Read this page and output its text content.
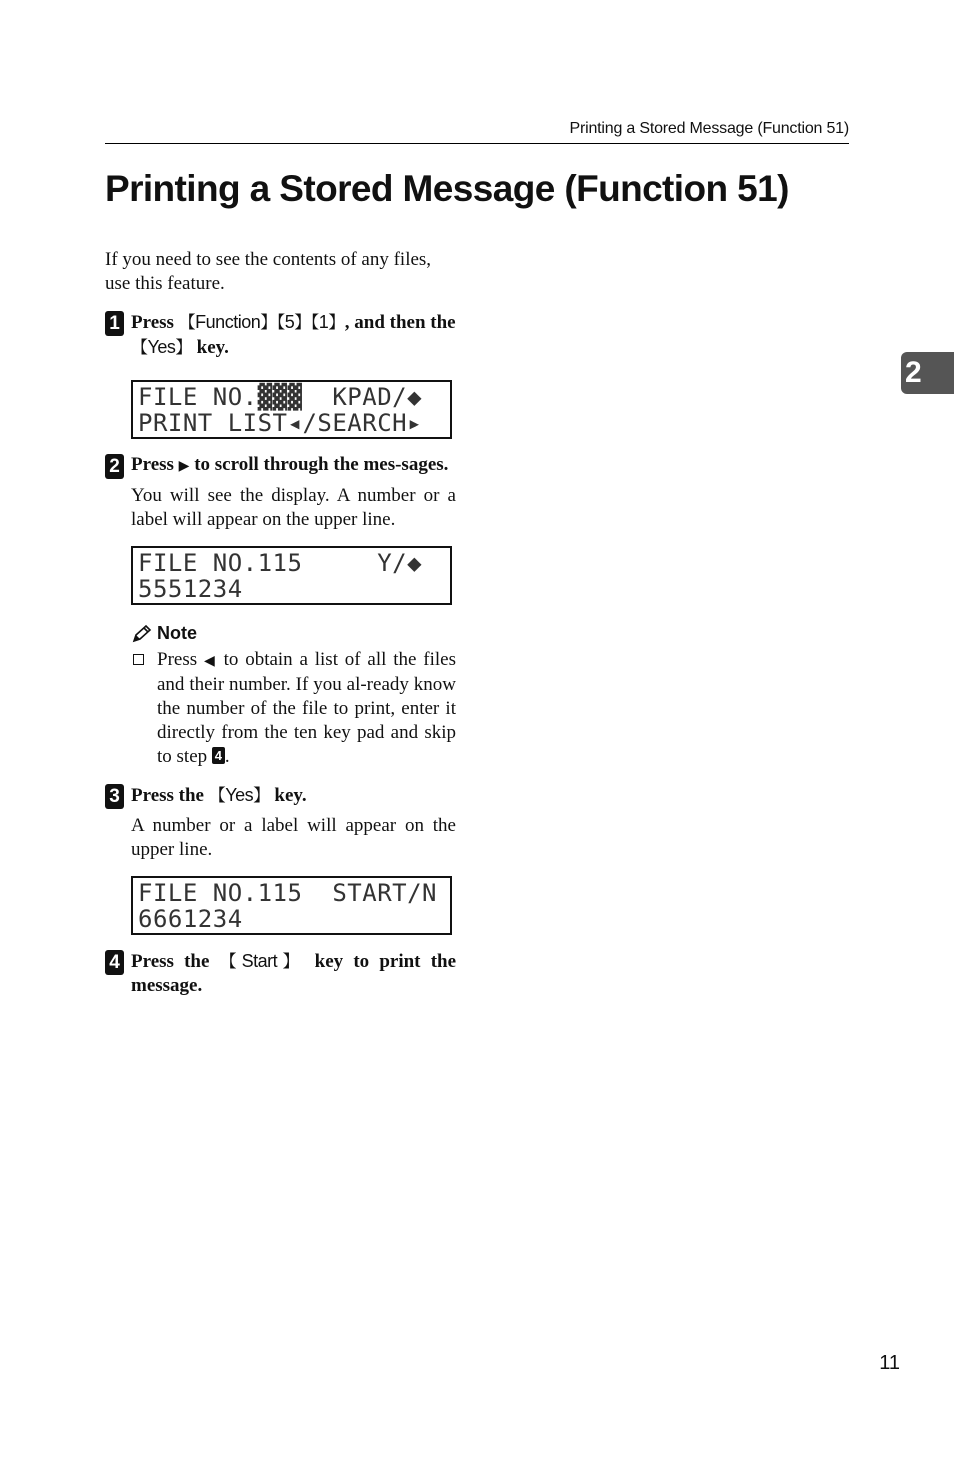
Printing a Stored Message (Function 51)
Printing a Stored Message (Function 51)
2

If you need to see the contents of any files, use this feature.

1 Press 【Function】【5】【1】, and then the 【Yes】 key.
FILE NO.▓▓▓  KPAD/◆
PRINT LIST◂/SEARCH▸
2 Press ▶ to scroll through the mes-sages.
You will see the display. A number or a label will appear on the upper line.
FILE NO.115     Y/◆
5551234
Note
Press ◀ to obtain a list of all the files and their number. If you al-ready know the number of the file to print, enter it directly from the ten key pad and skip to step 4 .
3 Press the 【Yes】 key.
A number or a label will appear on the upper line.
FILE NO.115  START/N
6661234
4 Press the 【Start】 key to print the message.
11
